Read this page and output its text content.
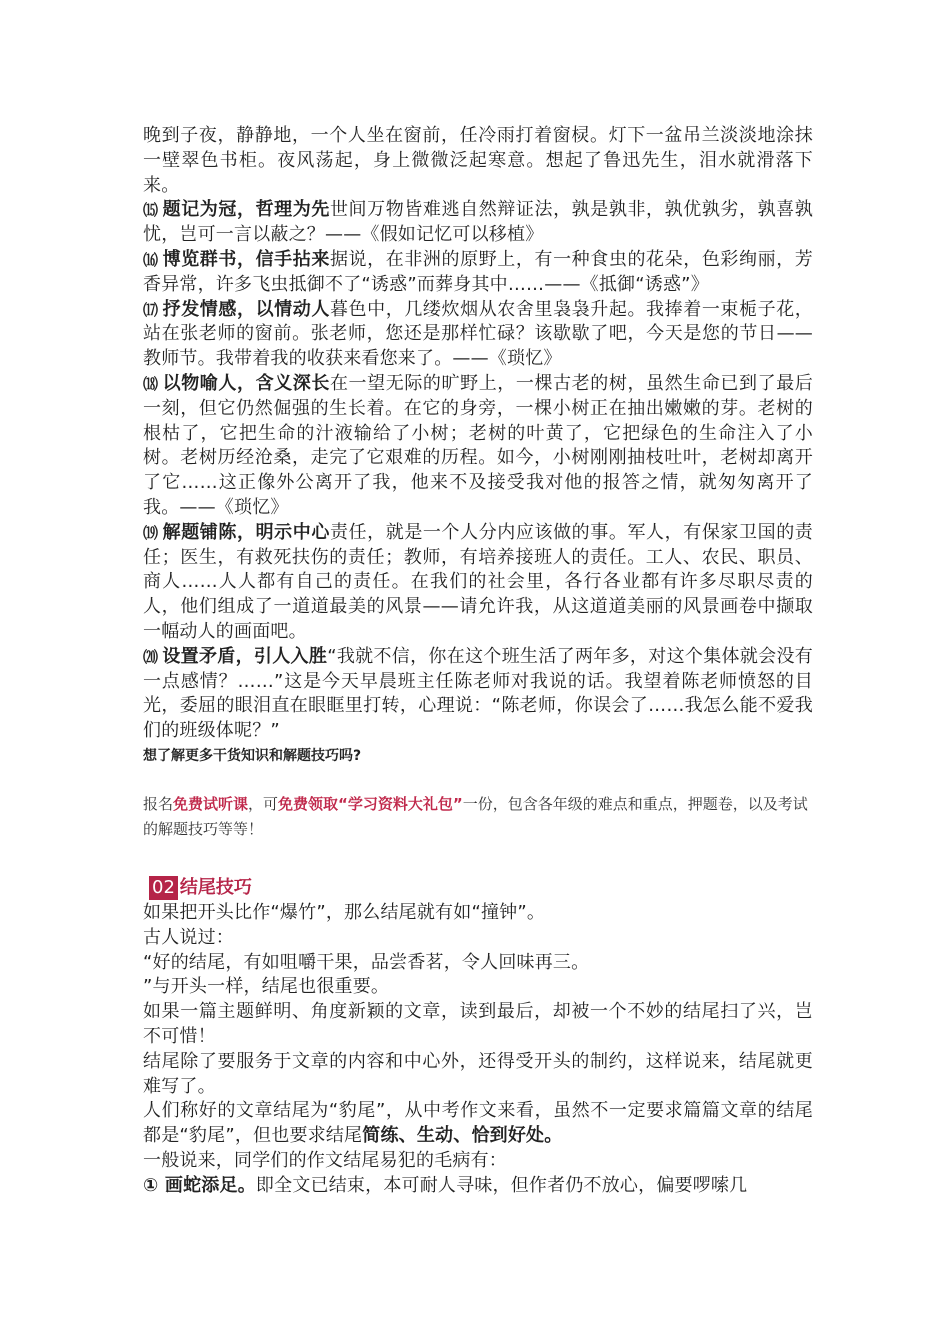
晚到子夜，静静地，一个人坐在窗前，任冷雨打着窗棂。灯下一盆吊兰淡淡地涂抹一壁翠色书柜。夜风荡起，身上微微泛起寒意。想起了鲁迅先生，泪水就滑落下来。

⒂ 题记为冠，哲理为先世间万物皆难逃自然辩证法，孰是孰非，孰优孰劣，孰喜孰忧，岂可一言以蔽之？——《假如记忆可以移植》

⒃ 博览群书，信手拈来据说，在非洲的原野上，有一种食虫的花朵，色彩绚丽，芳香异常，许多飞虫抵御不了“诱惑”而葬身其中……——《抵御“诱惑”》

⒄ 抒发情感，以情动人暮色中，几缕炊烟从农舍里袅袅升起。我捧着一束栀子花，站在张老师的窗前。张老师，您还是那样忙碌？该歇歇了吧，今天是您的节日——教师节。我带着我的收获来看您来了。——《琐忆》

⒅ 以物喻人，含义深长在一望无际的旷野上，一棵古老的树，虽然生命已到了最后一刻，但它仍然倔强的生长着。在它的身旁，一棵小树正在抽出嫩嫩的芽。老树的根枯了，它把生命的汁液输给了小树；老树的叶黄了，它把绿色的生命注入了小树。老树历经沧桑，走完了它艰难的历程。如今，小树刚刚抽枝吐叶，老树却离开了它……这正像外公离开了我，他来不及接受我对他的报答之情，就匆匆离开了我。——《琐忆》

⒆ 解题铺陈，明示中心责任，就是一个人分内应该做的事。军人，有保家卫国的责任；医生，有救死扶伤的责任；教师，有培养接班人的责任。工人、农民、职员、商人……人人都有自己的责任。在我们的社会里，各行各业都有许多尽职尽责的人，他们组成了一道道最美的风景——请允许我，从这道道美丽的风景画卷中撷取一幅动人的画面吧。

⒇ 设置矛盾，引人入胜“我就不信，你在这个班生活了两年多，对这个集体就会没有一点感情？……”这是今天早晨班主任陈老师对我说的话。我望着陈老师愤怒的目光，委屈的眼泪直在眼眶里打转，心理说：“陈老师，你误会了……我怎么能不爱我们的班级体呢？”

想了解更多干货知识和解题技巧吗?

报名免费试听课，可免费领取“学习资料大礼包”一份，包含各年级的难点和重点，押题卷，以及考试的解题技巧等等！

02 结尾技巧

如果把开头比作“爆竹”，那么结尾就有如“撞钟”。

古人说过：

“好的结尾，有如咀嚼干果，品尝香茗，令人回味再三。

”与开头一样，结尾也很重要。

如果一篇主题鲜明、角度新颖的文章，读到最后，却被一个不妙的结尾扫了兴，岂不可惜！

结尾除了要服务于文章的内容和中心外，还得受开头的制约，这样说来，结尾就更难写了。

人们称好的文章结尾为“豹尾”，从中考作文来看，虽然不一定要求篇篇文章的结尾都是“豹尾”，但也要求结尾简练、生动、恰到好处。

一般说来，同学们的作文结尾易犯的毛病有：

① 画蛇添足。即全文已结束，本可耐人寻味，但作者仍不放心，偏要啰嗦几
